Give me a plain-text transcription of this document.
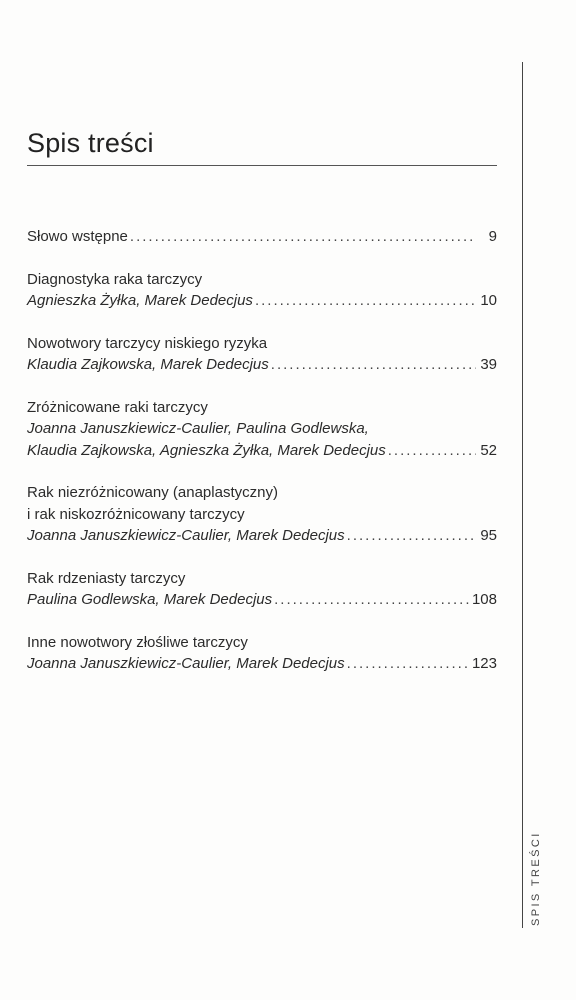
Spis treści
Słowo wstępne .....	9
Diagnostyka raka tarczycy
Agnieszka Żyłka, Marek Dedecjus .....	10
Nowotwory tarczycy niskiego ryzyka
Klaudia Zajkowska, Marek Dedecjus .....	39
Zróżnicowane raki tarczycy
Joanna Januszkiewicz-Caulier, Paulina Godlewska,
Klaudia Zajkowska, Agnieszka Żyłka, Marek Dedecjus .....	52
Rak niezróżnicowany (anaplastyczny)
i rak niskozróżnicowany tarczycy
Joanna Januszkiewicz-Caulier, Marek Dedecjus .....	95
Rak rdzeniasty tarczycy
Paulina Godlewska, Marek Dedecjus .....	108
Inne nowotwory złośliwe tarczycy
Joanna Januszkiewicz-Caulier, Marek Dedecjus .....	123
SPIS TREŚCI
